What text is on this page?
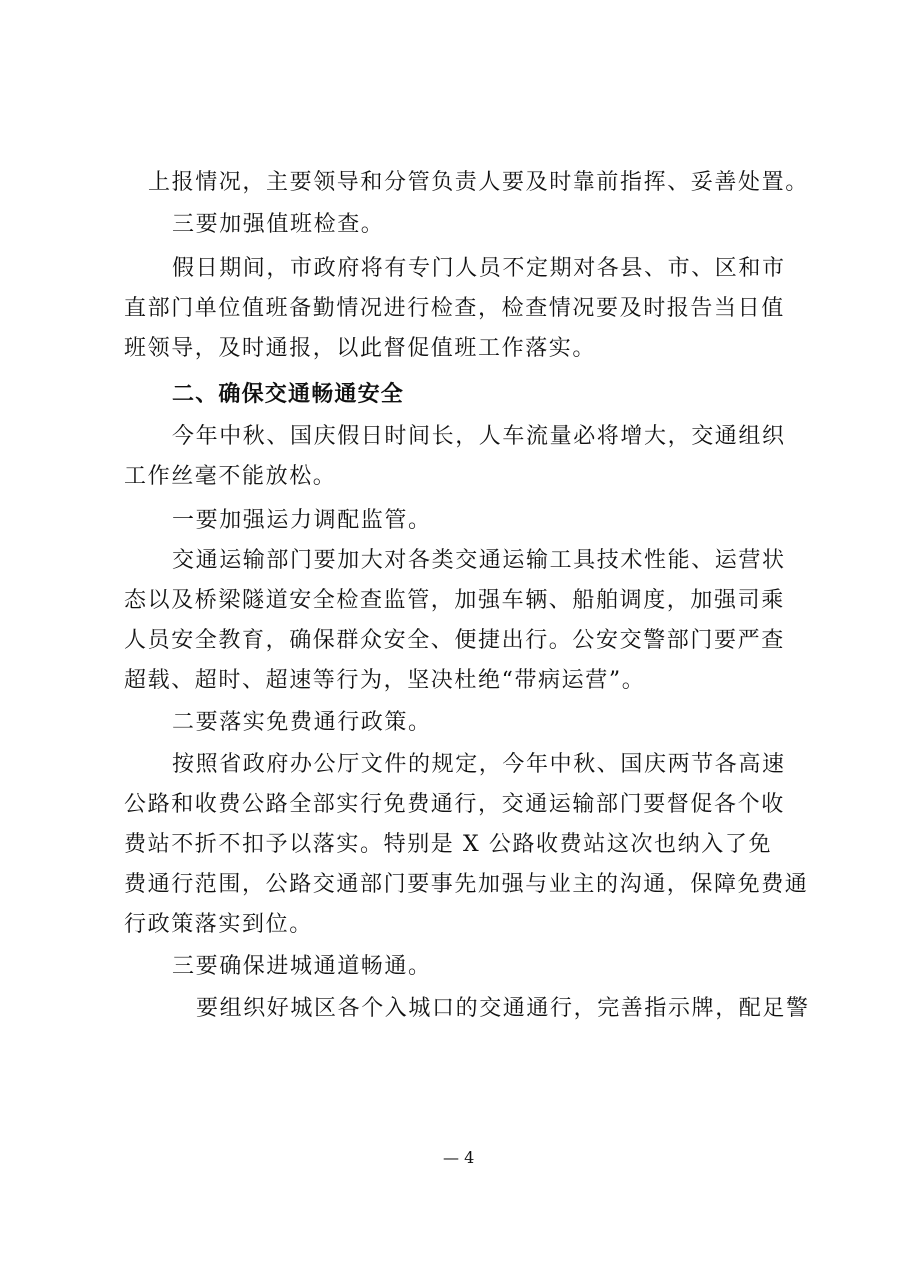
上报情况，主要领导和分管负责人要及时靠前指挥、妥善处置。
三要加强值班检查。
假日期间，市政府将有专门人员不定期对各县、市、区和市
直部门单位值班备勤情况进行检查，检查情况要及时报告当日值
班领导，及时通报，以此督促值班工作落实。
二、确保交通畅通安全
今年中秋、国庆假日时间长，人车流量必将增大，交通组织
工作丝毫不能放松。
一要加强运力调配监管。
交通运输部门要加大对各类交通运输工具技术性能、运营状
态以及桥梁隧道安全检查监管，加强车辆、船舶调度，加强司乘
人员安全教育，确保群众安全、便捷出行。公安交警部门要严查
超载、超时、超速等行为，坚决杜绝“带病运营”。
二要落实免费通行政策。
按照省政府办公厅文件的规定，今年中秋、国庆两节各高速
公路和收费公路全部实行免费通行，交通运输部门要督促各个收
费站不折不扣予以落实。特别是 X 公路收费站这次也纳入了免
费通行范围，公路交通部门要事先加强与业主的沟通，保障免费通
行政策落实到位。
三要确保进城通道畅通。
要组织好城区各个入城口的交通通行，完善指示牌，配足警
— 4
